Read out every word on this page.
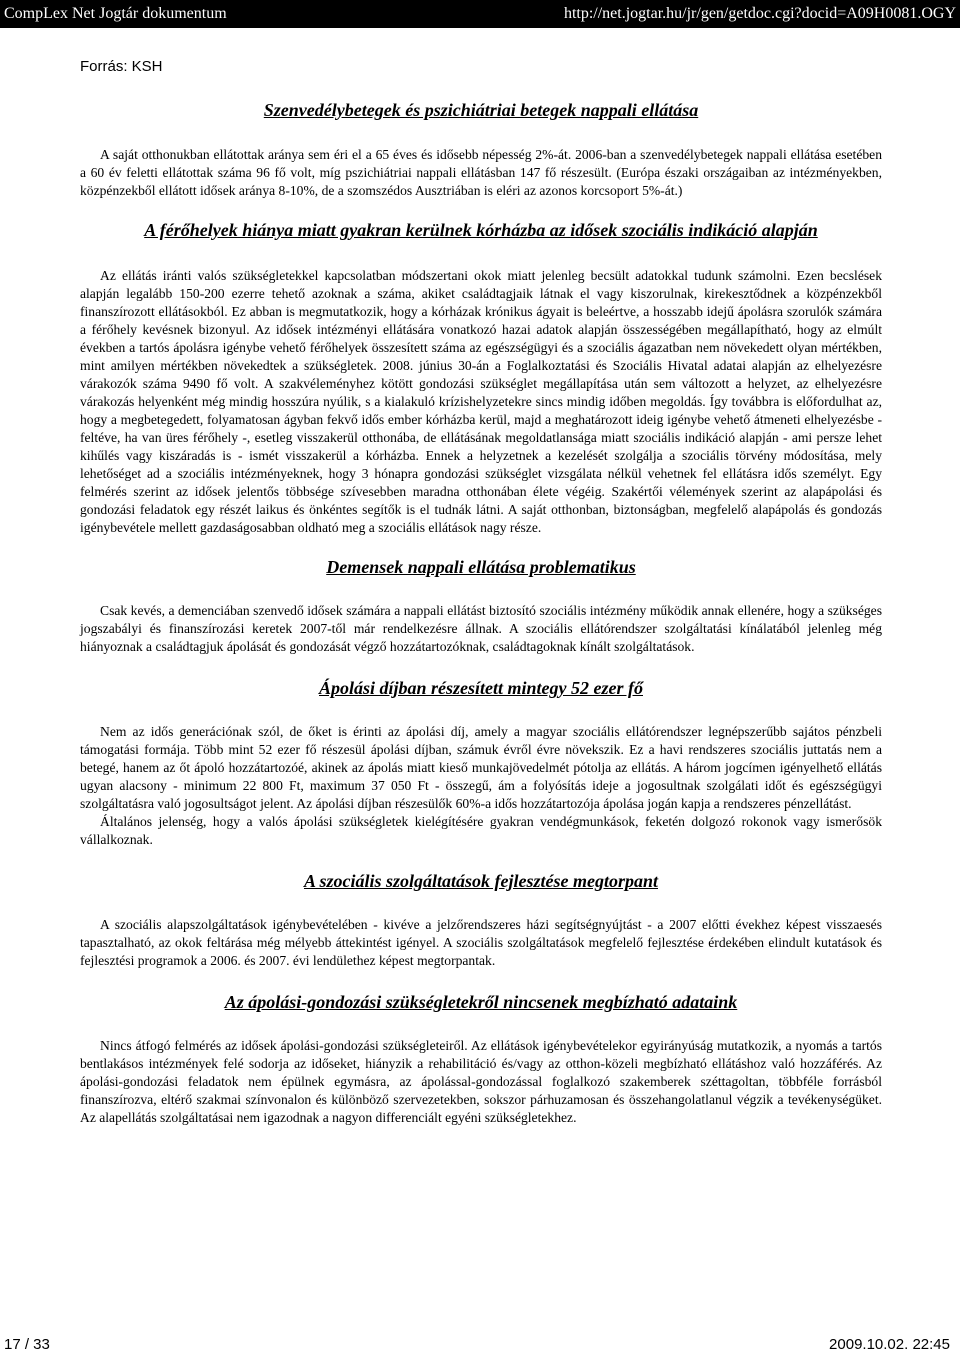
CompLex Net Jogtár dokumentum	http://net.jogtar.hu/jr/gen/getdoc.cgi?docid=A09H0081.OGY

Forrás: KSH

Szenvedélybetegek és pszichiátriai betegek nappali ellátása

A saját otthonukban ellátottak aránya sem éri el a 65 éves és idősebb népesség 2%-át. 2006-ban a szenvedélybetegek nappali ellátása esetében a 60 év feletti ellátottak száma 96 fő volt, míg pszichiátriai nappali ellátásban 147 fő részesült. (Európa északi országaiban az intézményekben, közpénzekből ellátott idősek aránya 8-10%, de a szomszédos Ausztriában is eléri az azonos korcsoport 5%-át.)

A férőhelyek hiánya miatt gyakran kerülnek kórházba az idősek szociális indikáció alapján

Az ellátás iránti valós szükségletekkel kapcsolatban módszertani okok miatt jelenleg becsült adatokkal tudunk számolni. Ezen becslések alapján legalább 150-200 ezerre tehető azoknak a száma, akiket családtagjaik látnak el vagy kiszorulnak, kirekesztődnek a közpénzekből finanszírozott ellátásokból. Ez abban is megmutatkozik, hogy a kórházak krónikus ágyait is beleértve, a hosszabb idejű ápolásra szorulók számára a férőhely kevésnek bizonyul. Az idősek intézményi ellátására vonatkozó hazai adatok alapján összességében megállapítható, hogy az elmúlt években a tartós ápolásra igénybe vehető férőhelyek összesített száma az egészségügyi és a szociális ágazatban nem növekedett olyan mértékben, mint amilyen mértékben növekedtek a szükségletek. 2008. június 30-án a Foglalkoztatási és Szociális Hivatal adatai alapján az elhelyezésre várakozók száma 9490 fő volt. A szakvéleményhez kötött gondozási szükséglet megállapítása után sem változott a helyzet, az elhelyezésre várakozás helyenként még mindig hosszúra nyúlik, s a kialakuló krízishelyzetekre sincs mindig időben megoldás. Így továbbra is előfordulhat az, hogy a megbetegedett, folyamatosan ágyban fekvő idős ember kórházba kerül, majd a meghatározott ideig igénybe vehető átmeneti elhelyezésbe - feltéve, ha van üres férőhely -, esetleg visszakerül otthonába, de ellátásának megoldatlansága miatt szociális indikáció alapján - ami persze lehet kihűlés vagy kiszáradás is - ismét visszakerül a kórházba. Ennek a helyzetnek a kezelését szolgálja a szociális törvény módosítása, mely lehetőséget ad a szociális intézményeknek, hogy 3 hónapra gondozási szükséglet vizsgálata nélkül vehetnek fel ellátásra idős személyt. Egy felmérés szerint az idősek jelentős többsége szívesebben maradna otthonában élete végéig. Szakértői vélemények szerint az alapápolási és gondozási feladatok egy részét laikus és önkéntes segítők is el tudnák látni. A saját otthonban, biztonságban, megfelelő alapápolás és gondozás igénybevétele mellett gazdaságosabban oldható meg a szociális ellátások nagy része.

Demensek nappali ellátása problematikus

Csak kevés, a demenciában szenvedő idősek számára a nappali ellátást biztosító szociális intézmény működik annak ellenére, hogy a szükséges jogszabályi és finanszírozási keretek 2007-től már rendelkezésre állnak. A szociális ellátórendszer szolgáltatási kínálatából jelenleg még hiányoznak a családtagjuk ápolását és gondozását végző hozzátartozóknak, családtagoknak kínált szolgáltatások.

Ápolási díjban részesített mintegy 52 ezer fő

Nem az idős generációnak szól, de őket is érinti az ápolási díj, amely a magyar szociális ellátórendszer legnépszerűbb sajátos pénzbeli támogatási formája. Több mint 52 ezer fő részesül ápolási díjban, számuk évről évre növekszik. Ez a havi rendszeres szociális juttatás nem a betegé, hanem az őt ápoló hozzátartozóé, akinek az ápolás miatt kieső munkajövedelmét pótolja az ellátás. A három jogcímen igényelhető ellátás ugyan alacsony - minimum 22 800 Ft, maximum 37 050 Ft - összegű, ám a folyósítás ideje a jogosultnak szolgálati időt és egészségügyi szolgáltatásra való jogosultságot jelent. Az ápolási díjban részesülők 60%-a idős hozzátartozója ápolása jogán kapja a rendszeres pénzellátást.

Általános jelenség, hogy a valós ápolási szükségletek kielégítésére gyakran vendégmunkások, feketén dolgozó rokonok vagy ismerősök vállalkoznak.

A szociális szolgáltatások fejlesztése megtorpant

A szociális alapszolgáltatások igénybevételében - kivéve a jelzőrendszeres házi segítségnyújtást - a 2007 előtti évekhez képest visszaesés tapasztalható, az okok feltárása még mélyebb áttekintést igényel. A szociális szolgáltatások megfelelő fejlesztése érdekében elindult kutatások és fejlesztési programok a 2006. és 2007. évi lendülethez képest megtorpantak.

Az ápolási-gondozási szükségletekről nincsenek megbízható adataink

Nincs átfogó felmérés az idősek ápolási-gondozási szükségleteiről. Az ellátások igénybevételekor egyirányúság mutatkozik, a nyomás a tartós bentlakásos intézmények felé sodorja az időseket, hiányzik a rehabilitáció és/vagy az otthon-közeli megbízható ellátáshoz való hozzáférés. Az ápolási-gondozási feladatok nem épülnek egymásra, az ápolással-gondozással foglalkozó szakemberek széttagoltan, többféle forrásból finanszírozva, eltérő szakmai színvonalon és különböző szervezetekben, sokszor párhuzamosan és összehangolatlanul végzik a tevékenységüket. Az alapellátás szolgáltatásai nem igazodnak a nagyon differenciált egyéni szükségletekhez.

17 / 33	2009.10.02. 22:45
